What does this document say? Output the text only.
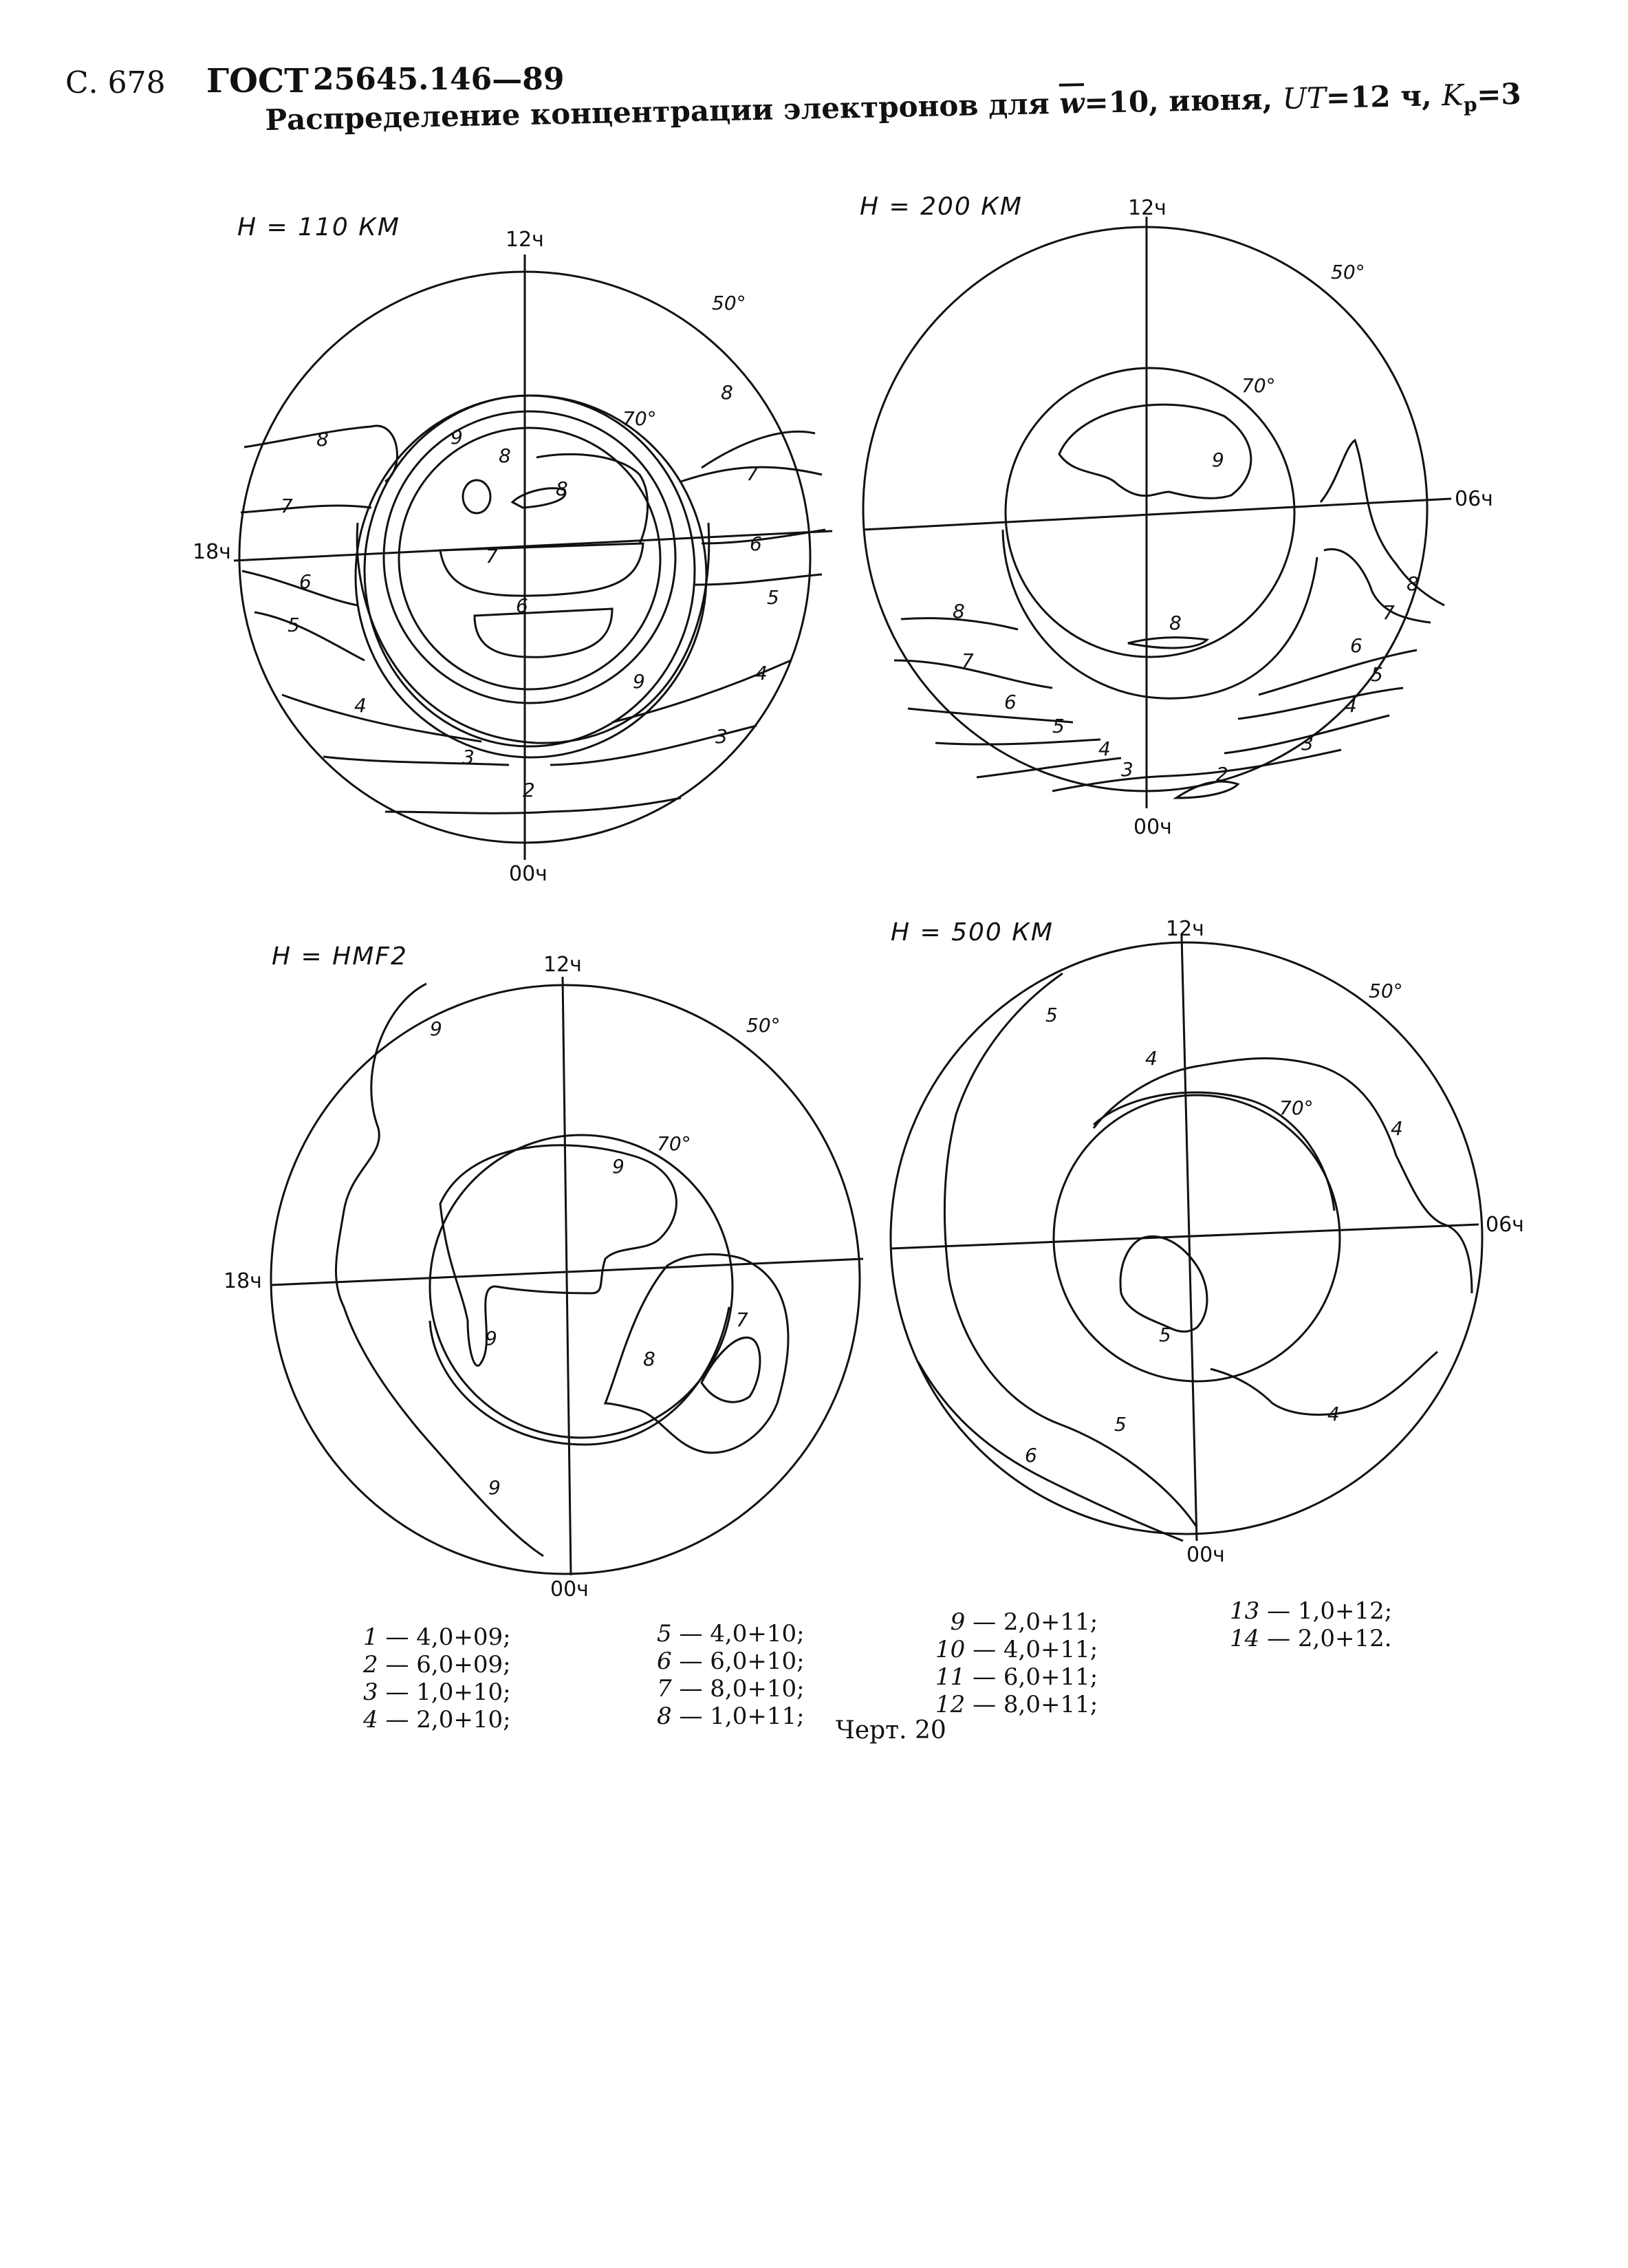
С. 678 ГОСТ 25645.146—89
Распределение концентрации электронов для $\overline{w}=10$, июня, UT=12 ч, $K_p=3$
H = 110 КМ
H = 200 КМ
H = HMF2
H = 500 КМ
12ч
00ч
18ч
12ч
00ч
06ч
12ч
00ч
18ч
12ч
00ч
06ч
50°
70°
50°
70°
50°
70°
50°
70°
9
8
8
8
7
6
7
6
5
9
4
3
2
8
7
6
5
4
3
9
8
8
7
6
5
4
3	2
3
4
5
6
7
8
9
9
9
8
9
7
5
4
4
5
5	4
6
1 — 4,0+09;
2 — 6,0+09;
3 — 1,0+10;
4 — 2,0+10;
5 — 4,0+10;
6 — 6,0+10;
7 — 8,0+10;
8 — 1,0+11;
9 — 2,0+11;
10 — 4,0+11;
11 — 6,0+11;
12 — 8,0+11;
13 — 1,0+12;
14 — 2,0+12.
Черт. 20
